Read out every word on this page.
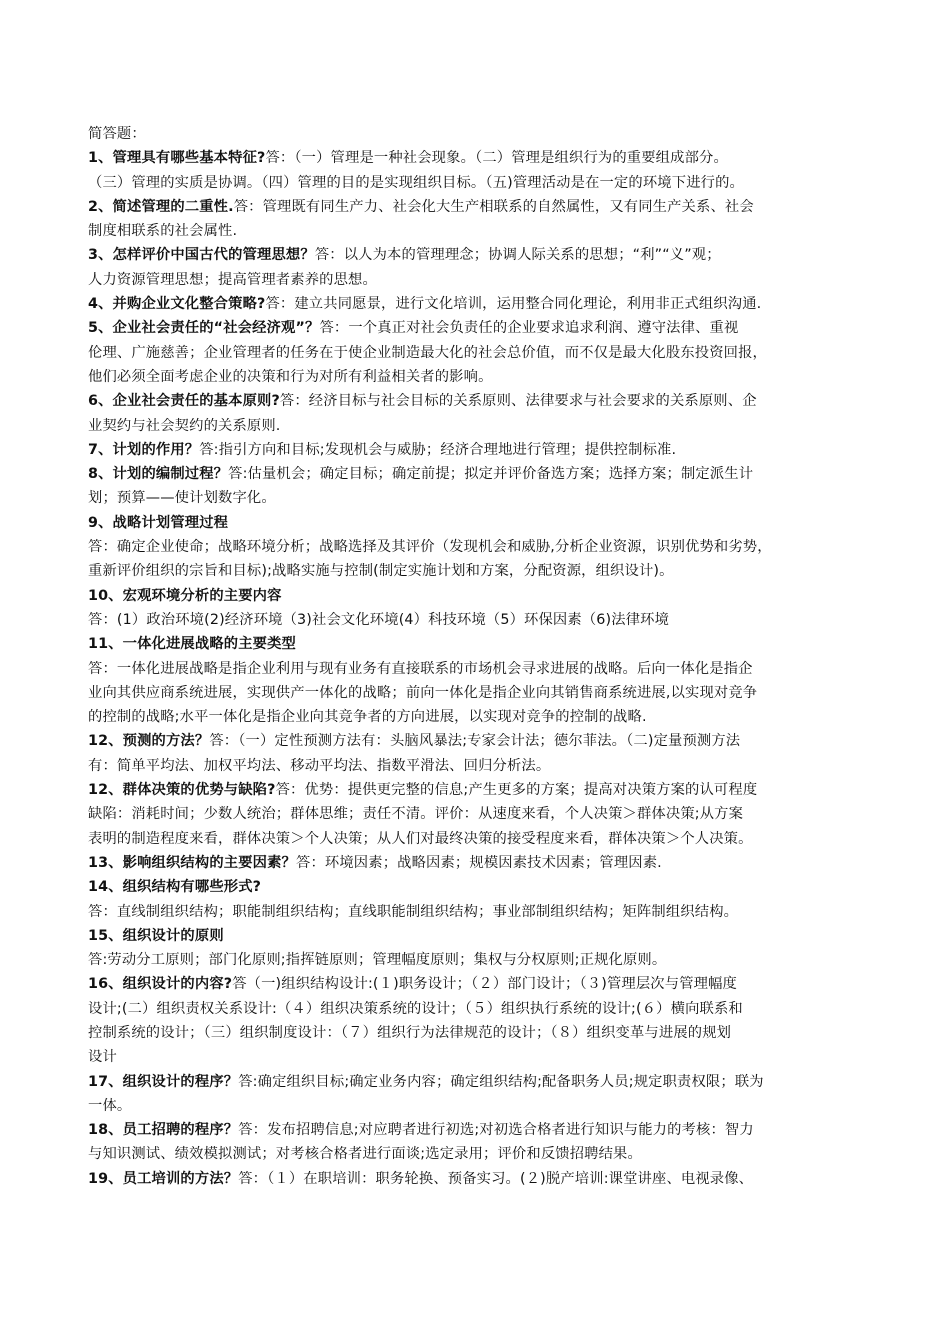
简答题：
1、管理具有哪些基本特征?答：（一）管理是一种社会现象。（二）管理是组织行为的重要组成部分。
（三）管理的实质是协调。（四）管理的目的是实现组织目标。（五)管理活动是在一定的环境下进行的。
2、简述管理的二重性.答：管理既有同生产力、社会化大生产相联系的自然属性，又有同生产关系、社会
制度相联系的社会属性.
3、怎样评价中国古代的管理思想？答：以人为本的管理理念；协调人际关系的思想；“利”“义”观；
人力资源管理思想；提高管理者素养的思想。
4、并购企业文化整合策略?答：建立共同愿景，进行文化培训，运用整合同化理论，利用非正式组织沟通.
5、企业社会责任的“社会经济观”？答：一个真正对社会负责任的企业要求追求利润、遵守法律、重视
伦理、广施慈善；企业管理者的任务在于使企业制造最大化的社会总价值，而不仅是最大化股东投资回报，
他们必须全面考虑企业的决策和行为对所有利益相关者的影响。
6、企业社会责任的基本原则?答：经济目标与社会目标的关系原则、法律要求与社会要求的关系原则、企
业契约与社会契约的关系原则.
7、计划的作用？答:指引方向和目标;发现机会与威胁；经济合理地进行管理；提供控制标准.
8、计划的编制过程？答:估量机会；确定目标；确定前提；拟定并评价备选方案；选择方案；制定派生计
划；预算——使计划数字化。
9、战略计划管理过程
答：确定企业使命；战略环境分析；战略选择及其评价（发现机会和威胁,分析企业资源，识别优势和劣势，
重新评价组织的宗旨和目标);战略实施与控制(制定实施计划和方案，分配资源，组织设计)。
10、宏观环境分析的主要内容
答：(1）政治环境(2)经济环境（3)社会文化环境(4）科技环境（5）环保因素（6)法律环境
11、一体化进展战略的主要类型
答：一体化进展战略是指企业利用与现有业务有直接联系的市场机会寻求进展的战略。后向一体化是指企
业向其供应商系统进展，实现供产一体化的战略；前向一体化是指企业向其销售商系统进展,以实现对竞争
的控制的战略;水平一体化是指企业向其竞争者的方向进展，以实现对竞争的控制的战略.
12、预测的方法？答：（一）定性预测方法有：头脑风暴法;专家会计法；德尔菲法。（二)定量预测方法
有：简单平均法、加权平均法、移动平均法、指数平滑法、回归分析法。
12、群体决策的优势与缺陷?答：优势：提供更完整的信息;产生更多的方案；提高对决策方案的认可程度
缺陷：消耗时间；少数人统治；群体思维；责任不清。评价：从速度来看，个人决策＞群体决策;从方案
表明的制造程度来看，群体决策＞个人决策；从人们对最终决策的接受程度来看，群体决策＞个人决策。
13、影响组织结构的主要因素？答：环境因素；战略因素；规模因素技术因素；管理因素.
14、组织结构有哪些形式?
答：直线制组织结构；职能制组织结构；直线职能制组织结构；事业部制组织结构；矩阵制组织结构。
15、组织设计的原则
答:劳动分工原则；部门化原则;指挥链原则；管理幅度原则；集权与分权原则;正规化原则。
16、组织设计的内容?答（一)组织结构设计:(１)职务设计；（２）部门设计；（３)管理层次与管理幅度
设计;(二）组织责权关系设计:（４）组织决策系统的设计；（５）组织执行系统的设计;(６）横向联系和
控制系统的设计；（三）组织制度设计：（７）组织行为法律规范的设计；（８）组织变革与进展的规划
设计
17、组织设计的程序？答:确定组织目标;确定业务内容；确定组织结构;配备职务人员;规定职责权限；联为
一体。
18、员工招聘的程序？答：发布招聘信息;对应聘者进行初选;对初选合格者进行知识与能力的考核：智力
与知识测试、绩效模拟测试；对考核合格者进行面谈;选定录用；评价和反馈招聘结果。
19、员工培训的方法？答：（１）在职培训：职务轮换、预备实习。(２)脱产培训:课堂讲座、电视录像、
